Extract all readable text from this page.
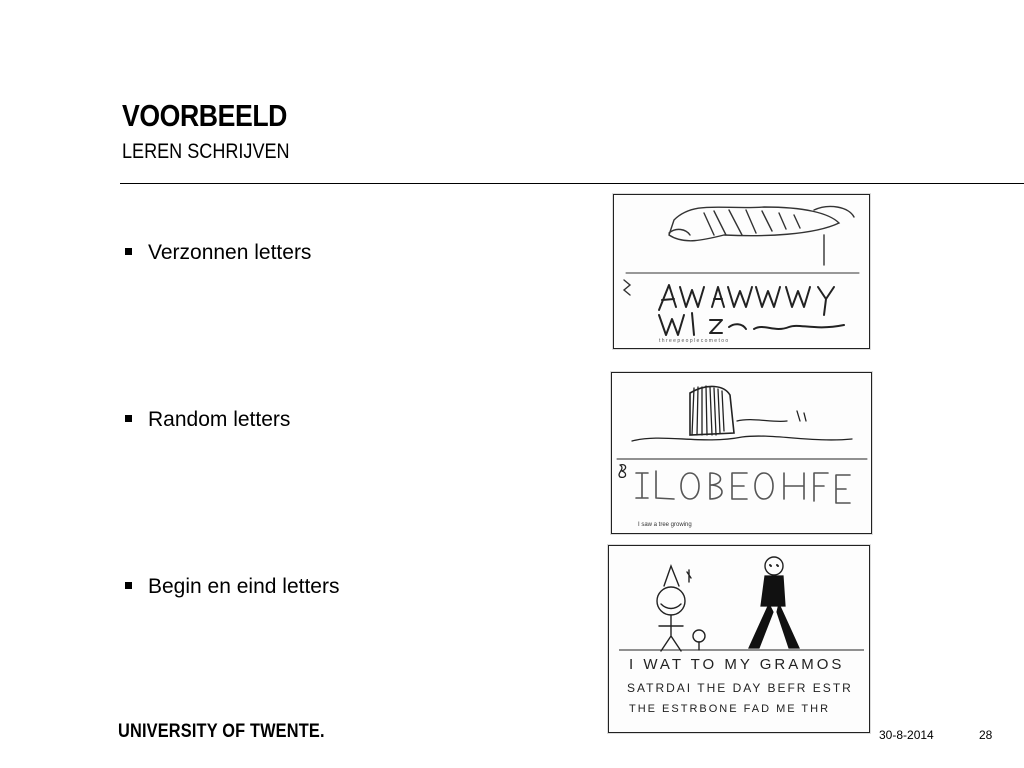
VOORBEELD
LEREN SCHRIJVEN
Verzonnen letters
Random letters
Begin en eind letters
t h r e e p e o p l e c o m e t o o
I saw a tree growing
I WAT TO MY GRAMOS
SATRDAI THE DAY BEFR ESTR
THE ESTRBONE FAD ME THR
UNIVERSITY OF TWENTE.	30-8-2014	28
